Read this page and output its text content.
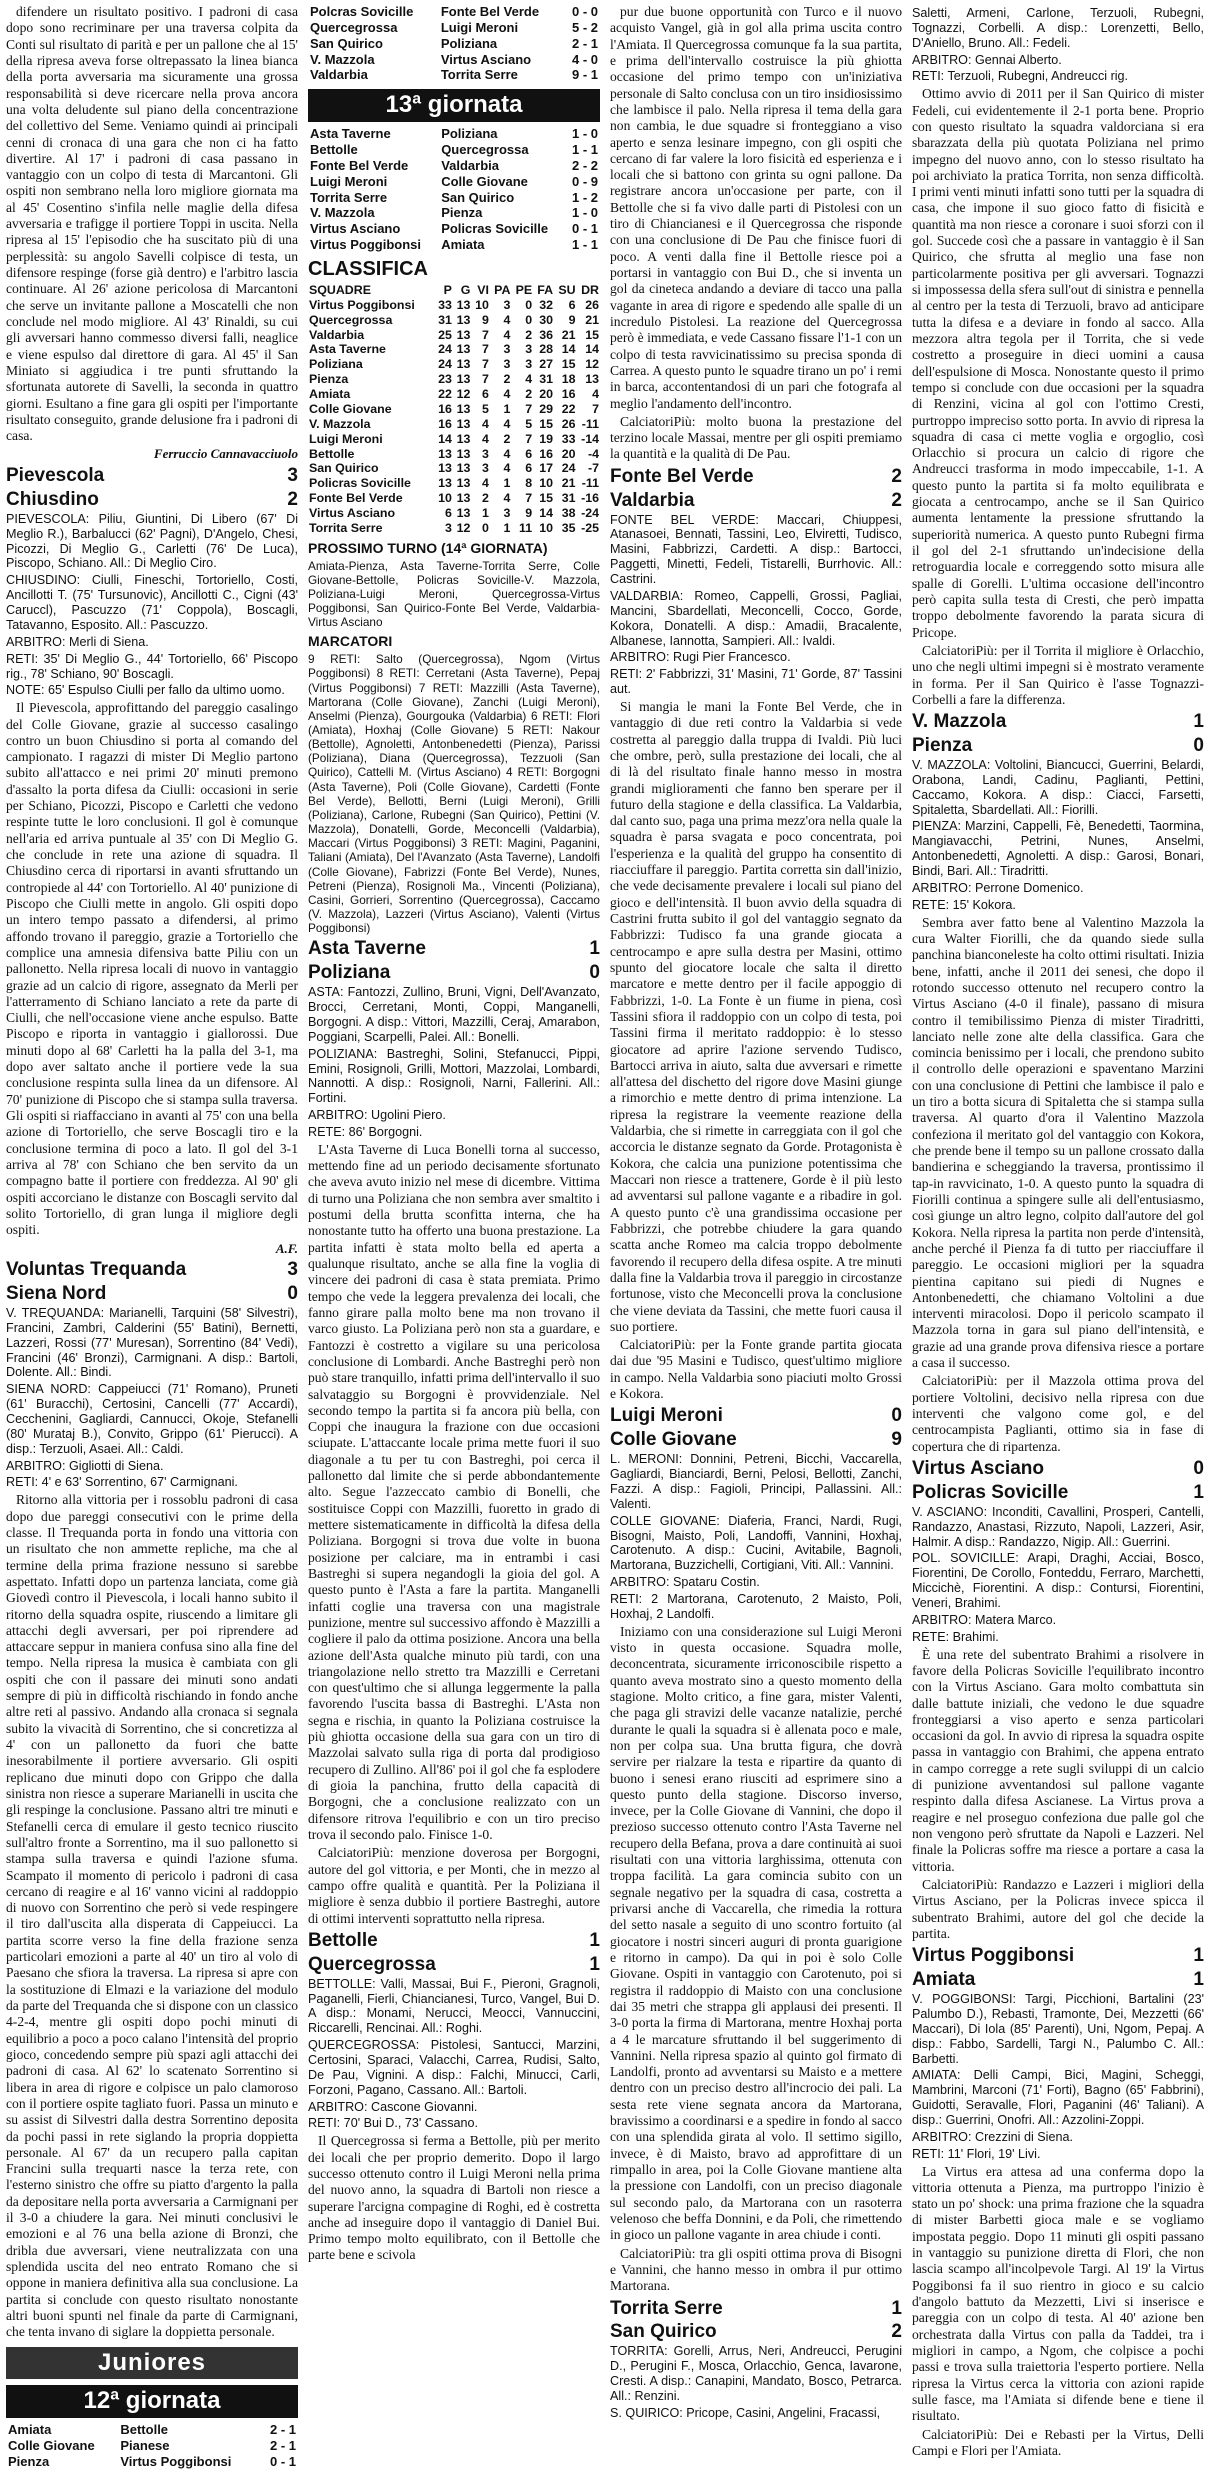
difendere un risultato positivo. I padroni di casa dopo sono recriminare per una traversa colpita da Conti sul risultato di parità e per un pallone che al 15' della ripresa aveva forse oltrepassato la linea bianca della porta avversaria ma sicuramente una grossa responsabilità si deve ricercare nella prova ancora una volta deludente sul piano della concentrazione del collettivo del Seme. Veniamo quindi ai principali cenni di cronaca di una gara che non ci ha fatto divertire. Al 17' i padroni di casa passano in vantaggio con un colpo di testa di Marcantoni. Gli ospiti non sembrano nella loro migliore giornata ma al 45' Cosentino s'infila nelle maglie della difesa avversaria e trafigge il portiere Toppi in uscita. Nella ripresa al 15' l'episodio che ha suscitato più di una perplessità: su angolo Savelli colpisce di testa, un difensore respinge (forse già dentro) e l'arbitro lascia continuare. Al 26' azione pericolosa di Marcantoni che serve un invitante pallone a Moscatelli che non conclude nel modo migliore. Al 43' Rinaldi, su cui gli avversari hanno commesso diversi falli, neaglice e viene espulso dal direttore di gara. Al 45' il San Miniato si aggiudica i tre punti sfruttando la sfortunata autorete di Savelli, la seconda in quattro giorni. Esultano a fine gara gli ospiti per l'importante risultato conseguito, grande delusione fra i padroni di casa.

Ferruccio Cannavacciuolo
Pievescola	3
Chiusdino	2
PIEVESCOLA: Piliu, Giuntini, Di Libero (67' Di Meglio R.), Barbalucci (62' Pagni), D'Angelo, Chesi, Picozzi, Di Meglio G., Carletti (76' De Luca), Piscopo, Schiano. All.: Di Meglio Ciro.
CHIUSDINO: Ciulli, Fineschi, Tortoriello, Costi, Ancillotti T. (75' Tursunovic), Ancillotti C., Cigni (43' Caruccl), Pascuzzo (71' Coppola), Boscagli, Tatavanno, Esposito. All.: Pascuzzo.
ARBITRO: Merli di Siena.
RETI: 35' Di Meglio G., 44' Tortoriello, 66' Piscopo rig., 78' Schiano, 90' Boscagli.
NOTE: 65' Espulso Ciulli per fallo da ultimo uomo.

Il Pievescola, approfittando del pareggio casalingo del Colle Giovane, grazie al successo casalingo contro un buon Chiusdino si porta al comando del campionato. I ragazzi di mister Di Meglio partono subito all'attacco e nei primi 20' minuti premono d'assalto la porta difesa da Ciulli: occasioni in serie per Schiano, Picozzi, Piscopo e Carletti che vedono respinte tutte le loro conclusioni. Il gol è comunque nell'aria ed arriva puntuale al 35' con Di Meglio G. che conclude in rete una azione di squadra. Il Chiusdino cerca di riportarsi in avanti sfruttando un contropiede al 44' con Tortoriello. Al 40' punizione di Piscopo che Ciulli mette in angolo. Gli ospiti dopo un intero tempo passato a difendersi, al primo affondo trovano il pareggio, grazie a Tortoriello che complice una amnesia difensiva batte Piliu con un pallonetto. Nella ripresa locali di nuovo in vantaggio grazie ad un calcio di rigore, assegnato da Merli per l'atterramento di Schiano lanciato a rete da parte di Ciulli, che nell'occasione viene anche espulso. Batte Piscopo e riporta in vantaggio i giallorossi. Due minuti dopo al 68' Carletti ha la palla del 3-1, ma dopo aver saltato anche il portiere vede la sua conclusione respinta sulla linea da un difensore. Al 70' punizione di Piscopo che si stampa sulla traversa. Gli ospiti si riaffacciano in avanti al 75' con una bella azione di Tortoriello, che serve Boscagli tiro e la conclusione termina di poco a lato. Il gol del 3-1 arriva al 78' con Schiano che ben servito da un compagno batte il portiere con freddezza. Al 90' gli ospiti accorciano le distanze con Boscagli servito dal solito Tortoriello, di gran lunga il migliore degli ospiti.

A.F.
Voluntas Trequanda	3
Siena Nord	0
V. TREQUANDA: Marianelli, Tarquini (58' Silvestri), Francini, Zambri, Calderini (55' Batini), Bernetti, Lazzeri, Rossi (77' Muresan), Sorrentino (84' Vedi), Francini (46' Bronzi), Carmignani. A disp.: Bartoli, Dolente. All.: Bindi.
SIENA NORD: Cappeiucci (71' Romano), Pruneti (61' Buracchi), Certosini, Cancelli (77' Accardi), Cecchenini, Gagliardi, Cannucci, Okoje, Stefanelli (80' Murataj B.), Convito, Grippo (61' Pierucci). A disp.: Terzuoli, Asaei. All.: Caldi.
ARBITRO: Gigliotti di Siena.
RETI: 4' e 63' Sorrentino, 67' Carmignani.

Ritorno alla vittoria per i rossoblu padroni di casa dopo due pareggi consecutivi con le prime della classe. Il Trequanda porta in fondo una vittoria con un risultato che non ammette repliche, ma che al termine della prima frazione nessuno si sarebbe aspettato. Infatti dopo un partenza lanciata, come già Giovedì contro il Pievescola, i locali hanno subito il ritorno della squadra ospite, riuscendo a limitare gli attacchi degli avversari, per poi riprendere ad attaccare seppur in maniera confusa sino alla fine del tempo. Nella ripresa la musica è cambiata con gli ospiti che con il passare dei minuti sono andati sempre di più in difficoltà rischiando in fondo anche altre reti al passivo. Andando alla cronaca si segnala subito la vivacità di Sorrentino, che si concretizza al 4' con un pallonetto da fuori che batte inesorabilmente il portiere avversario. Gli ospiti replicano due minuti dopo con Grippo che dalla sinistra non riesce a superare Marianelli in uscita che gli respinge la conclusione. Passano altri tre minuti e Stefanelli cerca di emulare il gesto tecnico riuscito sull'altro fronte a Sorrentino, ma il suo pallonetto si stampa sulla traversa e quindi l'azione sfuma. Scampato il momento di pericolo i padroni di casa cercano di reagire e al 16' vanno vicini al raddoppio di nuovo con Sorrentino che però si vede respingere il tiro dall'uscita alla disperata di Cappeiucci. La partita scorre verso la fine della frazione senza particolari emozioni a parte al 40' un tiro al volo di Paesano che sfiora la traversa. La ripresa si apre con la sostituzione di Elmazi e la variazione del modulo da parte del Trequanda che si dispone con un classico 4-2-4, mentre gli ospiti dopo pochi minuti di equilibrio a poco a poco calano l'intensità del proprio gioco, concedendo sempre più spazi agli attacchi dei padroni di casa. Al 62' lo scatenato Sorrentino si libera in area di rigore e colpisce un palo clamoroso con il portiere ospite tagliato fuori. Passa un minuto e su assist di Silvestri dalla destra Sorrentino deposita da pochi passi in rete siglando la propria doppietta personale. Al 67' da un recupero palla capitan Francini sulla trequarti nasce la terza rete, con l'esterno sinistro che offre su piatto d'argento la palla da depositare nella porta avversaria a Carmignani per il 3-0 a chiudere la gara. Nei minuti conclusivi le emozioni e al 76 una bella azione di Bronzi, che dribla due avversari, viene neutralizzata con una splendida uscita del neo entrato Romano che si oppone in maniera definitiva alla sua conclusione. La partita si conclude con questo risultato nonostante altri buoni spunti nel finale da parte di Carmignani, che tenta invano di siglare la doppietta personale.

Juniores
12ª giornata
Amiata	Bettolle	2 - 1
Colle Giovane	Pianese	2 - 1
Pienza	Virtus Poggibonsi	0 - 1
Polcras Sovicille	Fonte Bel Verde	0 - 0
Quercegrossa	Luigi Meroni	5 - 2
San Quirico	Poliziana	2 - 1
V. Mazzola	Virtus Asciano	4 - 0
Valdarbia	Torrita Serre	9 - 1
13ª giornata
Asta Taverne	Poliziana	1 - 0
Bettolle	Quercegrossa	1 - 1
Fonte Bel Verde	Valdarbia	2 - 2
Luigi Meroni	Colle Giovane	0 - 9
Torrita Serre	San Quirico	1 - 2
V. Mazzola	Pienza	1 - 0
Virtus Asciano	Policras Sovicille	0 - 1
Virtus Poggibonsi	Amiata	1 - 1
CLASSIFICA
SQUADRE	P	G	VI	PA	PE	FA	SU	DR
Virtus Poggibonsi	33	13	10	3	0	32	6	26
Quercegrossa	31	13	9	4	0	30	9	21
Valdarbia	25	13	7	4	2	36	21	15
Asta Taverne	24	13	7	3	3	28	14	14
Poliziana	24	13	7	3	3	27	15	12
Pienza	23	13	7	2	4	31	18	13
Amiata	22	12	6	4	2	20	16	4
Colle Giovane	16	13	5	1	7	29	22	7
V. Mazzola	16	13	4	4	5	15	26	-11
Luigi Meroni	14	13	4	2	7	19	33	-14
Bettolle	13	13	3	4	6	16	20	-4
San Quirico	13	13	3	4	6	17	24	-7
Policras Sovicille	13	13	4	1	8	10	21	-11
Fonte Bel Verde	10	13	2	4	7	15	31	-16
Virtus Asciano	6	13	1	3	9	14	38	-24
Torrita Serre	3	12	0	1	11	10	35	-25
PROSSIMO TURNO (14ª GIORNATA)
Amiata-Pienza, Asta Taverne-Torrita Serre, Colle Giovane-Bettolle, Policras Sovicille-V. Mazzola, Poliziana-Luigi Meroni, Quercegrossa-Virtus Poggibonsi, San Quirico-Fonte Bel Verde, Valdarbia-Virtus Asciano
MARCATORI
9 RETI: Salto (Quercegrossa), Ngom (Virtus Poggibonsi) 8 RETI: Cerretani (Asta Taverne), Pepaj (Virtus Poggibonsi) 7 RETI: Mazzilli (Asta Taverne), Martorana (Colle Giovane), Zanchi (Luigi Meroni), Anselmi (Pienza), Gourgouka (Valdarbia) 6 RETI: Flori (Amiata), Hoxhaj (Colle Giovane) 5 RETI: Nakour (Bettolle), Agnoletti, Antonbenedetti (Pienza), Parissi (Poliziana), Diana (Quercegrossa), Tezzuoli (San Quirico), Cattelli M. (Virtus Asciano) 4 RETI: Borgogni (Asta Taverne), Poli (Colle Giovane), Cardetti (Fonte Bel Verde), Bellotti, Berni (Luigi Meroni), Grilli (Poliziana), Carlone, Rubegni (San Quirico), Pettini (V. Mazzola), Donatelli, Gorde, Meconcelli (Valdarbia), Maccari (Virtus Poggibonsi) 3 RETI: Magini, Paganini, Taliani (Amiata), Del l'Avanzato (Asta Taverne), Landolfi (Colle Giovane), Fabrizzi (Fonte Bel Verde), Nunes, Petreni (Pienza), Rosignoli Ma., Vincenti (Poliziana), Casini, Gorrieri, Sorrentino (Quercegrossa), Caccamo (V. Mazzola), Lazzeri (Virtus Asciano), Valenti (Virtus Poggibonsi)
Asta Taverne	1
Poliziana	0
ASTA: Fantozzi, Zullino, Bruni, Vigni, Dell'Avanzato, Brocci, Cerretani, Monti, Coppi, Manganelli, Borgogni. A disp.: Vittori, Mazzilli, Ceraj, Amarabon, Poggiani, Scarpelli, Palei. All.: Bonelli.
POLIZIANA: Bastreghi, Solini, Stefanucci, Pippi, Emini, Rosignoli, Grilli, Mottori, Mazzolai, Lombardi, Nannotti. A disp.: Rosignoli, Narni, Fallerini. All.: Fortini.
ARBITRO: Ugolini Piero.
RETE: 86' Borgogni.

L'Asta Taverne di Luca Bonelli torna al successo, mettendo fine ad un periodo decisamente sfortunato che aveva avuto inizio nel mese di dicembre. Vittima di turno una Poliziana che non sembra aver smaltito i postumi della brutta sconfitta interna, che ha nonostante tutto ha offerto una buona prestazione. La partita infatti è stata molto bella ed aperta a qualunque risultato, anche se alla fine la voglia di vincere dei padroni di casa è stata premiata. Primo tempo che vede la leggera prevalenza dei locali, che fanno girare palla molto bene ma non trovano il varco giusto. La Poliziana però non sta a guardare, e Fantozzi è costretto a vigilare su una pericolosa conclusione di Lombardi. Anche Bastreghi però non può stare tranquillo, infatti prima dell'intervallo il suo salvataggio su Borgogni è provvidenziale. Nel secondo tempo la partita si fa ancora più bella, con Coppi che inaugura la frazione con due occasioni sciupate. L'attaccante locale prima mette fuori il suo diagonale a tu per tu con Bastreghi, poi cerca il pallonetto dal limite che si perde abbondantemente alto. Segue l'azzeccato cambio di Bonelli, che sostituisce Coppi con Mazzilli, fuoretto in grado di mettere sistematicamente in difficoltà la difesa della Poliziana. Borgogni si trova due volte in buona posizione per calciare, ma in entrambi i casi Bastreghi si supera negandogli la gioia del gol. A questo punto è l'Asta a fare la partita. Manganelli infatti coglie una traversa con una magistrale punizione, mentre sul successivo affondo è Mazzilli a cogliere il palo da ottima posizione. Ancora una bella azione dell'Asta qualche minuto più tardi, con una triangolazione nello stretto tra Mazzilli e Cerretani con quest'ultimo che si allunga leggermente la palla favorendo l'uscita bassa di Bastreghi. L'Asta non segna e rischia, in quanto la Poliziana costruisce la più ghiotta occasione della sua gara con un tiro di Mazzolai salvato sulla riga di porta dal prodigioso recupero di Zullino. All'86' poi il gol che fa esplodere di gioia la panchina, frutto della capacità di Borgogni, che a conclusione realizzato con un difensore ritrova l'equilibrio e con un tiro preciso trova il secondo palo. Finisce 1-0.

CalciatoriPiù: menzione doverosa per Borgogni, autore del gol vittoria, e per Monti, che in mezzo al campo offre qualità e quantità. Per la Poliziana il migliore è senza dubbio il portiere Bastreghi, autore di ottimi interventi soprattutto nella ripresa.

Bettolle	1
Quercegrossa	1
BETTOLLE: Valli, Massai, Bui F., Pieroni, Gragnoli, Paganelli, Fierli, Chiancianesi, Turco, Vangel, Bui D. A disp.: Monami, Nerucci, Meocci, Vannuccini, Riccarelli, Rencinai. All.: Roghi.
QUERCEGROSSA: Pistolesi, Santucci, Marzini, Certosini, Sparaci, Valacchi, Carrea, Rudisi, Salto, De Pau, Vignini. A disp.: Falchi, Minucci, Carli, Forzoni, Pagano, Cassano. All.: Bartoli.
ARBITRO: Cascone Giovanni.
RETI: 70' Bui D., 73' Cassano.

Il Quercegrossa si ferma a Bettolle, più per merito dei locali che per proprio demerito. Dopo il largo successo ottenuto contro il Luigi Meroni nella prima del nuovo anno, la squadra di Bartoli non riesce a superare l'arcigna compagine di Roghi, ed è costretta anche ad inseguire dopo il vantaggio di Daniel Bui. Primo tempo molto equilibrato, con il Bettolle che parte bene e scivola

pur due buone opportunità con Turco e il nuovo acquisto Vangel, già in gol alla prima uscita contro l'Amiata. Il Quercegrossa comunque fa la sua partita, e prima dell'intervallo costruisce la più ghiotta occasione del primo tempo con un'iniziativa personale di Salto conclusa con un tiro insidiosissimo che lambisce il palo. Nella ripresa il tema della gara non cambia, le due squadre si fronteggiano a viso aperto e senza lesinare impegno, con gli ospiti che cercano di far valere la loro fisicità ed esperienza e i locali che si battono con grinta su ogni pallone. Da registrare ancora un'occasione per parte, con il Bettolle che si fa vivo dalle parti di Pistolesi con un tiro di Chiancianesi e il Quercegrossa che risponde con una conclusione di De Pau che finisce fuori di poco. A venti dalla fine il Bettolle riesce poi a portarsi in vantaggio con Bui D., che si inventa un gol da cineteca andando a deviare di tacco una palla vagante in area di rigore e spedendo alle spalle di un incredulo Pistolesi. La reazione del Quercegrossa però è immediata, e vede Cassano fissare l'1-1 con un colpo di testa ravvicinatissimo su precisa sponda di Carrea. A questo punto le squadre tirano un po' i remi in barca, accontentandosi di un pari che fotografa al meglio l'andamento dell'incontro.

CalciatoriPiù: molto buona la prestazione del terzino locale Massai, mentre per gli ospiti premiamo la quantità e la qualità di De Pau.

Fonte Bel Verde	2
Valdarbia	2
FONTE BEL VERDE: Maccari, Chiuppesi, Atanasoei, Bennati, Tassini, Leo, Elviretti, Tudisco, Masini, Fabbrizzi, Cardetti. A disp.: Bartocci, Paggetti, Minetti, Fedeli, Tistarelli, Burrhovic. All.: Castrini.
VALDARBIA: Romeo, Cappelli, Grossi, Pagliai, Mancini, Sbardellati, Meconcelli, Cocco, Gorde, Kokora, Donatelli. A disp.: Amadii, Bracalente, Albanese, Iannotta, Sampieri. All.: Ivaldi.
ARBITRO: Rugi Pier Francesco.
RETI: 2' Fabbrizzi, 31' Masini, 71' Gorde, 87' Tassini aut.

Si mangia le mani la Fonte Bel Verde, che in vantaggio di due reti contro la Valdarbia si vede costretta al pareggio dalla truppa di Ivaldi. Più luci che ombre, però, sulla prestazione dei locali, che al di là del risultato finale hanno messo in mostra grandi miglioramenti che fanno ben sperare per il futuro della stagione e della classifica. La Valdarbia, dal canto suo, paga una prima mezz'ora nella quale la squadra è parsa svagata e poco concentrata, poi l'esperienza e la qualità del gruppo ha consentito di riacciuffare il pareggio. Partita corretta sin dall'inizio, che vede decisamente prevalere i locali sul piano del gioco e dell'intensità. Il buon avvio della squadra di Castrini frutta subito il gol del vantaggio segnato da Fabbrizzi: Tudisco fa una grande giocata a centrocampo e apre sulla destra per Masini, ottimo spunto del giocatore locale che salta il diretto marcatore e mette dentro per il facile appoggio di Fabbrizzi, 1-0. La Fonte è un fiume in piena, così Tassini sfiora il raddoppio con un colpo di testa, poi Tassini firma il meritato raddoppio: è lo stesso giocatore ad aprire l'azione servendo Tudisco, Bartocci arriva in aiuto, salta due avversari e rimette all'attesa del dischetto del rigore dove Masini giunge a rimorchio e mette dentro di prima intenzione. La ripresa la registrare la veemente reazione della Valdarbia, che si rimette in carreggiata con il gol che accorcia le distanze segnato da Gorde. Protagonista è Kokora, che calcia una punizione potentissima che Maccari non riesce a trattenere, Gorde è il più lesto ad avventarsi sul pallone vagante e a ribadire in gol. A questo punto c'è una grandissima occasione per Fabbrizzi, che potrebbe chiudere la gara quando scatta anche Romeo ma calcia troppo debolmente favorendo il recupero della difesa ospite. A tre minuti dalla fine la Valdarbia trova il pareggio in circostanze fortunose, visto che Meconcelli prova la conclusione che viene deviata da Tassini, che mette fuori causa il suo portiere.

CalciatoriPiù: per la Fonte grande partita giocata dai due '95 Masini e Tudisco, quest'ultimo migliore in campo. Nella Valdarbia sono piaciuti molto Grossi e Kokora.

Luigi Meroni	0
Colle Giovane	9
L. MERONI: Donnini, Petreni, Bicchi, Vaccarella, Gagliardi, Bianciardi, Berni, Pelosi, Bellotti, Zanchi, Fazzi. A disp.: Fagioli, Principi, Pallassini. All.: Valenti.
COLLE GIOVANE: Diaferia, Franci, Nardi, Rugi, Bisogni, Maisto, Poli, Landoffi, Vannini, Hoxhaj, Carotenuto. A disp.: Cucini, Avitabile, Bagnoli, Martorana, Buzzichelli, Cortigiani, Viti. All.: Vannini.
ARBITRO: Spataru Costin.
RETI: 2 Martorana, Carotenuto, 2 Maisto, Poli, Hoxhaj, 2 Landolfi.

Iniziamo con una considerazione sul Luigi Meroni visto in questa occasione. Squadra molle, deconcentrata, sicuramente irriconoscibile rispetto a quanto aveva mostrato sino a questo momento della stagione. Molto critico, a fine gara, mister Valenti, che paga gli stravizi delle vacanze natalizie, perché durante le quali la squadra si è allenata poco e male, non per colpa sua. Una brutta figura, che dovrà servire per rialzare la testa e ripartire da quanto di buono i senesi erano riusciti ad esprimere sino a questo punto della stagione. Discorso inverso, invece, per la Colle Giovane di Vannini, che dopo il prezioso successo ottenuto contro l'Asta Taverne nel recupero della Befana, prova a dare continuità ai suoi risultati con una vittoria larghissima, ottenuta con troppa facilità. La gara comincia subito con un segnale negativo per la squadra di casa, costretta a privarsi anche di Vaccarella, che rimedia la rottura del setto nasale a seguito di uno scontro fortuito (al giocatore i nostri sinceri auguri di pronta guarigione e ritorno in campo). Da qui in poi è solo Colle Giovane. Ospiti in vantaggio con Carotenuto, poi si registra il raddoppio di Maisto con una conclusione dai 35 metri che strappa gli applausi dei presenti. Il 3-0 porta la firma di Martorana, mentre Hoxhaj porta a 4 le marcature sfruttando il bel suggerimento di Vannini. Nella ripresa spazio al quinto gol firmato di Landolfi, pronto ad avventarsi su Maisto e a mettere dentro con un preciso destro all'incrocio dei pali. La sesta rete viene segnata ancora da Martorana, bravissimo a coordinarsi e a spedire in fondo al sacco con una splendida girata al volo. Il settimo sigillo, invece, è di Maisto, bravo ad approfittare di un rimpallo in area, poi la Colle Giovane mantiene alta la pressione con Landolfi, con un preciso diagonale sul secondo palo, da Martorana con un rasoterra velenoso che beffa Donnini, e da Poli, che rimettendo in gioco un pallone vagante in area chiude i conti.

CalciatoriPiù: tra gli ospiti ottima prova di Bisogni e Vannini, che hanno messo in ombra il pur ottimo Martorana.

Torrita Serre	1
San Quirico	2
TORRITA: Gorelli, Arrus, Neri, Andreucci, Perugini D., Perugini F., Mosca, Orlacchio, Genca, Iavarone, Cresti. A disp.: Canapini, Mandato, Bosco, Petrarca. All.: Renzini.
S. QUIRICO: Pricope, Casini, Angelini, Fracassi,
Saletti, Armeni, Carlone, Terzuoli, Rubegni, Tognazzi, Corbelli. A disp.: Lorenzetti, Bello, D'Aniello, Bruno. All.: Fedeli.
ARBITRO: Gennai Alberto.
RETI: Terzuoli, Rubegni, Andreucci rig.

Ottimo avvio di 2011 per il San Quirico di mister Fedeli, cui evidentemente il 2-1 porta bene. Proprio con questo risultato la squadra valdorciana si era sbarazzata della più quotata Poliziana nel primo impegno del nuovo anno, con lo stesso risultato ha poi archiviato la pratica Torrita, non senza difficoltà. I primi venti minuti infatti sono tutti per la squadra di casa, che impone il suo gioco fatto di fisicità e quantità ma non riesce a coronare i suoi sforzi con il gol. Succede così che a passare in vantaggio è il San Quirico, che sfrutta al meglio una fase non particolarmente positiva per gli avversari. Tognazzi si impossessa della sfera sull'out di sinistra e pennella al centro per la testa di Terzuoli, bravo ad anticipare tutta la difesa e a deviare in fondo al sacco. Alla mezzora altra tegola per il Torrita, che si vede costretto a proseguire in dieci uomini a causa dell'espulsione di Mosca. Nonostante questo il primo tempo si conclude con due occasioni per la squadra di Renzini, vicina al gol con l'ottimo Cresti, purtroppo impreciso sotto porta. In avvio di ripresa la squadra di casa ci mette voglia e orgoglio, così Orlacchio si procura un calcio di rigore che Andreucci trasforma in modo impeccabile, 1-1. A questo punto la partita si fa molto equilibrata e giocata a centrocampo, anche se il San Quirico aumenta lentamente la pressione sfruttando la superiorità numerica. A questo punto Rubegni firma il gol del 2-1 sfruttando un'indecisione della retroguardia locale e correggendo sotto misura alle spalle di Gorelli. L'ultima occasione dell'incontro però capita sulla testa di Cresti, che però impatta troppo debolmente favorendo la parata sicura di Pricope.

CalciatoriPiù: per il Torrita il migliore è Orlacchio, uno che negli ultimi impegni si è mostrato veramente in forma. Per il San Quirico è l'asse Tognazzi-Corbelli a fare la differenza.

V. Mazzola	1
Pienza	0
V. MAZZOLA: Voltolini, Biancucci, Guerrini, Belardi, Orabona, Landi, Cadinu, Paglianti, Pettini, Caccamo, Kokora. A disp.: Ciacci, Farsetti, Spitaletta, Sbardellati. All.: Fiorilli.
PIENZA: Marzini, Cappelli, Fè, Benedetti, Taormina, Mangiavacchi, Petrini, Nunes, Anselmi, Antonbenedetti, Agnoletti. A disp.: Garosi, Bonari, Bindi, Bari. All.: Tiradritti.
ARBITRO: Perrone Domenico.
RETE: 15' Kokora.

Sembra aver fatto bene al Valentino Mazzola la cura Walter Fiorilli, che da quando siede sulla panchina bianconeleste ha colto ottimi risultati. Inizia bene, infatti, anche il 2011 dei senesi, che dopo il rotondo successo ottenuto nel recupero contro la Virtus Asciano (4-0 il finale), passano di misura contro il temibilissimo Pienza di mister Tiradritti, lanciato nelle zone alte della classifica. Gara che comincia benissimo per i locali, che prendono subito il controllo delle operazioni e spaventano Marzini con una conclusione di Pettini che lambisce il palo e un tiro a botta sicura di Spitaletta che si stampa sulla traversa. Al quarto d'ora il Valentino Mazzola confeziona il meritato gol del vantaggio con Kokora, che prende bene il tempo su un pallone crossato dalla bandierina e scheggiando la traversa, prontissimo il tap-in ravvicinato, 1-0. A questo punto la squadra di Fiorilli continua a spingere sulle ali dell'entusiasmo, così giunge un altro legno, colpito dall'autore del gol Kokora. Nella ripresa la partita non perde d'intensità, anche perché il Pienza fa di tutto per riacciuffare il pareggio. Le occasioni migliori per la squadra pientina capitano sui piedi di Nugnes e Antonbenedetti, che chiamano Voltolini a due interventi miracolosi. Dopo il pericolo scampato il Mazzola torna in gara sul piano dell'intensità, e grazie ad una grande prova difensiva riesce a portare a casa il successo.

CalciatoriPiù: per il Mazzola ottima prova del portiere Voltolini, decisivo nella ripresa con due interventi che valgono come gol, e del centrocampista Paglianti, ottimo sia in fase di copertura che di ripartenza.

Virtus Asciano	0
Policras Sovicille	1
V. ASCIANO: Inconditi, Cavallini, Prosperi, Cantelli, Randazzo, Anastasi, Rizzuto, Napoli, Lazzeri, Asir, Halmir. A disp.: Randazzo, Nigip. All.: Guerrini.
POL. SOVICILLE: Arapi, Draghi, Acciai, Bosco, Fiorentini, De Corollo, Fonteddu, Ferraro, Marchetti, Miccichè, Fiorentini. A disp.: Contursi, Fiorentini, Veneri, Brahimi.
ARBITRO: Matera Marco.
RETE: Brahimi.

È una rete del subentrato Brahimi a risolvere in favore della Policras Sovicille l'equilibrato incontro con la Virtus Asciano. Gara molto combattuta sin dalle battute iniziali, che vedono le due squadre fronteggiarsi a viso aperto e senza particolari occasioni da gol. In avvio di ripresa la squadra ospite passa in vantaggio con Brahimi, che appena entrato in campo corregge a rete sugli sviluppi di un calcio di punizione avventandosi sul pallone vagante respinto dalla difesa Ascianese. La Virtus prova a reagire e nel proseguo confeziona due palle gol che non vengono però sfruttate da Napoli e Lazzeri. Nel finale la Policras soffre ma riesce a portare a casa la vittoria.

CalciatoriPiù: Randazzo e Lazzeri i migliori della Virtus Asciano, per la Policras invece spicca il subentrato Brahimi, autore del gol che decide la partita.

Virtus Poggibonsi	1
Amiata	1
V. POGGIBONSI: Targi, Picchioni, Bartalini (23' Palumbo D.), Rebasti, Tramonte, Dei, Mezzetti (66' Maccari), Di Iola (85' Parenti), Uni, Ngom, Pepaj. A disp.: Fabbo, Sardelli, Targi N., Palumbo C. All.: Barbetti.
AMIATA: Delli Campi, Bici, Magini, Scheggi, Mambrini, Marconi (71' Forti), Bagno (65' Fabbrini), Guidotti, Seravalle, Flori, Paganini (46' Taliani). A disp.: Guerrini, Onofri. All.: Azzolini-Zoppi.
ARBITRO: Crezzini di Siena.
RETI: 11' Flori, 19' Livi.

La Virtus era attesa ad una conferma dopo la vittoria ottenuta a Pienza, ma purtroppo l'inizio è stato un po' shock: una prima frazione che la squadra di mister Barbetti gioca male e se vogliamo impostata peggio. Dopo 11 minuti gli ospiti passano in vantaggio su punizione diretta di Flori, che non lascia scampo all'incolpevole Targi. Al 19' la Virtus Poggibonsi fa il suo rientro in gioco e su calcio d'angolo battuto da Mezzetti, Livi si inserisce e pareggia con un colpo di testa. Al 40' azione ben orchestrata dalla Virtus con palla da Taddei, tra i migliori in campo, a Ngom, che colpisce a pochi passi e trova sulla traiettoria l'esperto portiere. Nella ripresa la Virtus cerca la vittoria con azioni rapide sulle fasce, ma l'Amiata si difende bene e tiene il risultato.

CalciatoriPiù: Dei e Rebasti per la Virtus, Delli Campi e Flori per l'Amiata.
